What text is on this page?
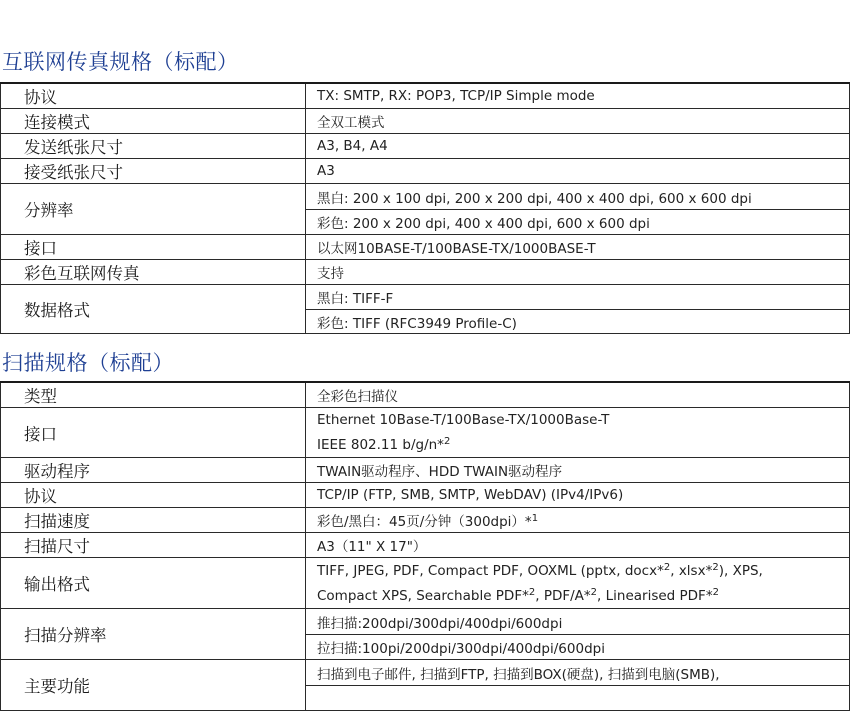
互联网传真规格（标配）
协议	TX: SMTP, RX: POP3, TCP/IP Simple mode
连接模式	全双工模式
发送纸张尺寸	A3, B4, A4
接受纸张尺寸	A3
分辨率	黑白: 200 x 100 dpi, 200 x 200 dpi, 400 x 400 dpi, 600 x 600 dpi
	彩色: 200 x 200 dpi, 400 x 400 dpi, 600 x 600 dpi
接口	以太网10BASE-T/100BASE-TX/1000BASE-T
彩色互联网传真	支持
数据格式	黑白: TIFF-F
	彩色: TIFF (RFC3949 Profile-C)
扫描规格（标配）
类型	全彩色扫描仪
接口	Ethernet 10Base-T/100Base-TX/1000Base-T
	IEEE 802.11 b/g/n*$^2$
驱动程序	TWAIN驱动程序、HDD TWAIN驱动程序
协议	TCP/IP (FTP, SMB, SMTP, WebDAV) (IPv4/IPv6)
扫描速度	彩色/黑白：45页/分钟（300dpi）*$^1$
扫描尺寸	A3（11" X 17"）
输出格式	TIFF, JPEG, PDF, Compact PDF, OOXML (pptx, docx*$^2$, xlsx*$^2$), XPS,
	Compact XPS, Searchable PDF*$^2$, PDF/A*$^2$, Linearised PDF*$^2$
扫描分辨率	推扫描:200dpi/300dpi/400dpi/600dpi
	拉扫描:100pi/200dpi/300dpi/400dpi/600dpi
主要功能	扫描到电子邮件, 扫描到FTP, 扫描到BOX(硬盘), 扫描到电脑(SMB),
